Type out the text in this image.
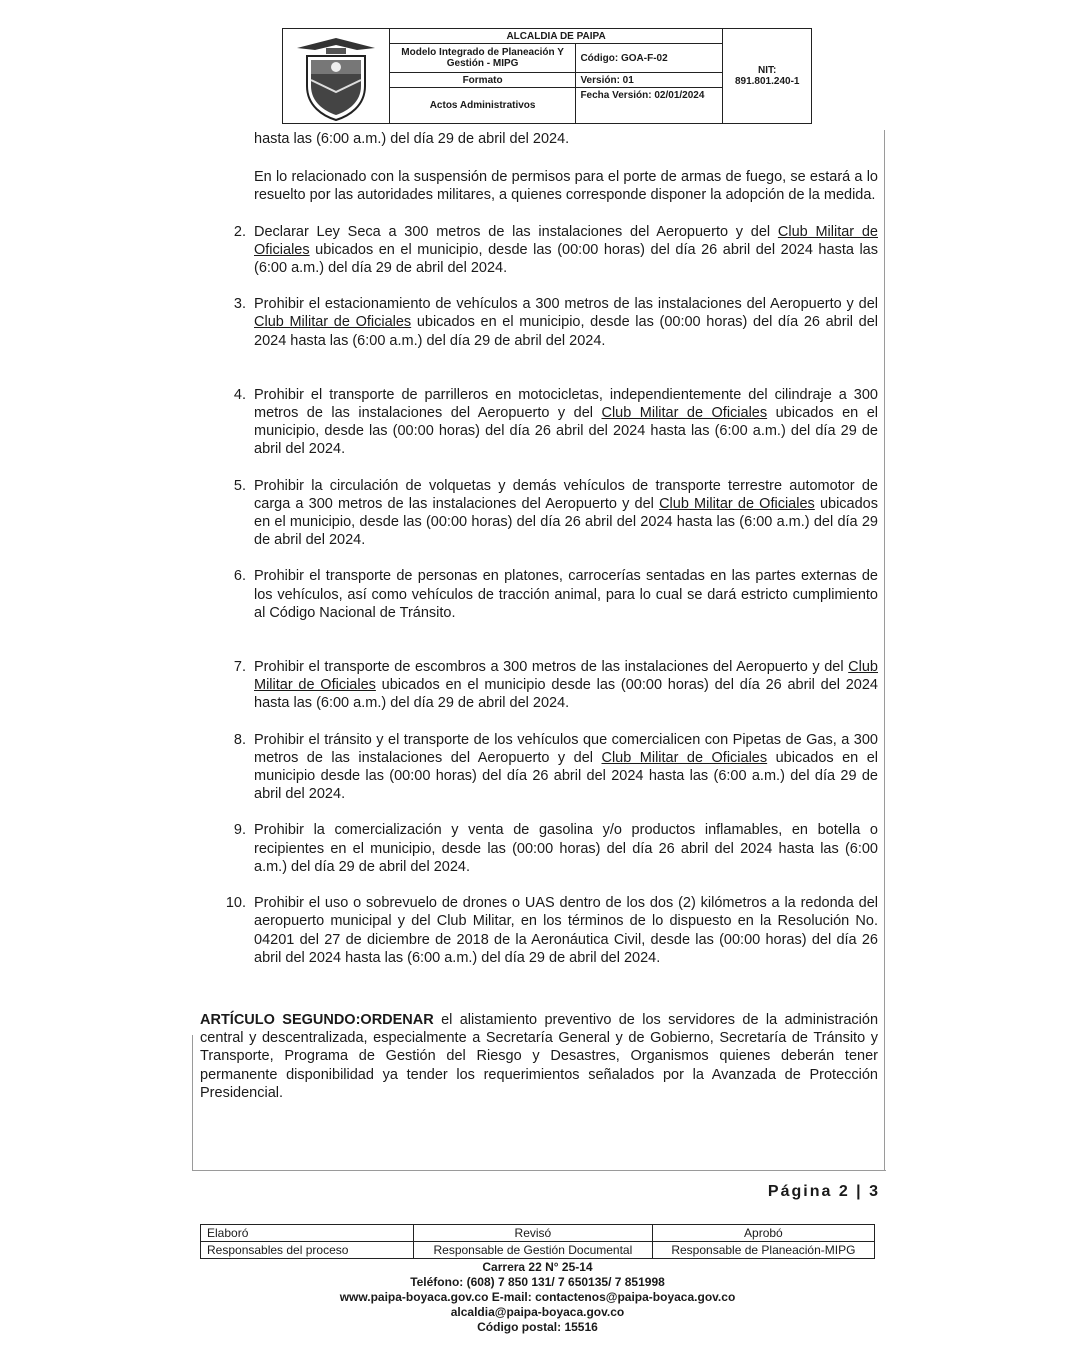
	ALCALDIA DE PAIPA		NIT: 891.801.240-1
	Modelo Integrado de Planeación Y Gestión - MIPG	Código: GOA-F-02	
	Formato	Versión: 01	
	Actos Administrativos	Fecha Versión: 02/01/2024	

hasta las (6:00 a.m.) del día 29 de abril del 2024.

En lo relacionado con la suspensión de permisos para el porte de armas de fuego, se estará a lo resuelto por las autoridades militares, a quienes corresponde disponer la adopción de la medida.

2. Declarar Ley Seca a 300 metros de las instalaciones del Aeropuerto y del Club Militar de Oficiales ubicados en el municipio, desde las (00:00 horas) del día 26 abril del 2024 hasta las (6:00 a.m.) del día 29 de abril del 2024.
3. Prohibir el estacionamiento de vehículos a 300 metros de las instalaciones del Aeropuerto y del Club Militar de Oficiales ubicados en el municipio, desde las (00:00 horas) del día 26 abril del 2024 hasta las (6:00 a.m.) del día 29 de abril del 2024.
4. Prohibir el transporte de parrilleros en motocicletas, independientemente del cilindraje a 300 metros de las instalaciones del Aeropuerto y del Club Militar de Oficiales ubicados en el municipio, desde las (00:00 horas) del día 26 abril del 2024 hasta las (6:00 a.m.) del día 29 de abril del 2024.
5. Prohibir la circulación de volquetas y demás vehículos de transporte terrestre automotor de carga a 300 metros de las instalaciones del Aeropuerto y del Club Militar de Oficiales ubicados en el municipio, desde las (00:00 horas) del día 26 abril del 2024 hasta las (6:00 a.m.) del día 29 de abril del 2024.
6. Prohibir el transporte de personas en platones, carrocerías sentadas en las partes externas de los vehículos, así como vehículos de tracción animal, para lo cual se dará estricto cumplimiento al Código Nacional de Tránsito.
7. Prohibir el transporte de escombros a 300 metros de las instalaciones del Aeropuerto y del Club Militar de Oficiales ubicados en el municipio desde las (00:00 horas) del día 26 abril del 2024 hasta las (6:00 a.m.) del día 29 de abril del 2024.
8. Prohibir el tránsito y el transporte de los vehículos que comercialicen con Pipetas de Gas, a 300 metros de las instalaciones del Aeropuerto y del Club Militar de Oficiales ubicados en el municipio desde las (00:00 horas) del día 26 abril del 2024 hasta las (6:00 a.m.) del día 29 de abril del 2024.
9. Prohibir la comercialización y venta de gasolina y/o productos inflamables, en botella o recipientes en el municipio, desde las (00:00 horas) del día 26 abril del 2024 hasta las (6:00 a.m.) del día 29 de abril del 2024.
10. Prohibir el uso o sobrevuelo de drones o UAS dentro de los dos (2) kilómetros a la redonda del aeropuerto municipal y del Club Militar, en los términos de lo dispuesto en la Resolución No. 04201 del 27 de diciembre de 2018 de la Aeronáutica Civil, desde las (00:00 horas) del día 26 abril del 2024 hasta las (6:00 a.m.) del día 29 de abril del 2024.

ARTÍCULO SEGUNDO:ORDENAR el alistamiento preventivo de los servidores de la administración central y descentralizada, especialmente a Secretaría General y de Gobierno, Secretaría de Tránsito y Transporte, Programa de Gestión del Riesgo y Desastres, Organismos quienes deberán tener permanente disponibilidad ya tender los requerimientos señalados por la Avanzada de Protección Presidencial.

Página 2 | 3
Elaboró	Revisó	Aprobó
Responsables del proceso	Responsable de Gestión Documental	Responsable de Planeación-MIPG
Carrera 22 N° 25-14
Teléfono: (608) 7 850 131/ 7 650135/ 7 851998
www.paipa-boyaca.gov.co E-mail: contactenos@paipa-boyaca.gov.co
alcaldia@paipa-boyaca.gov.co
Código postal: 15516
